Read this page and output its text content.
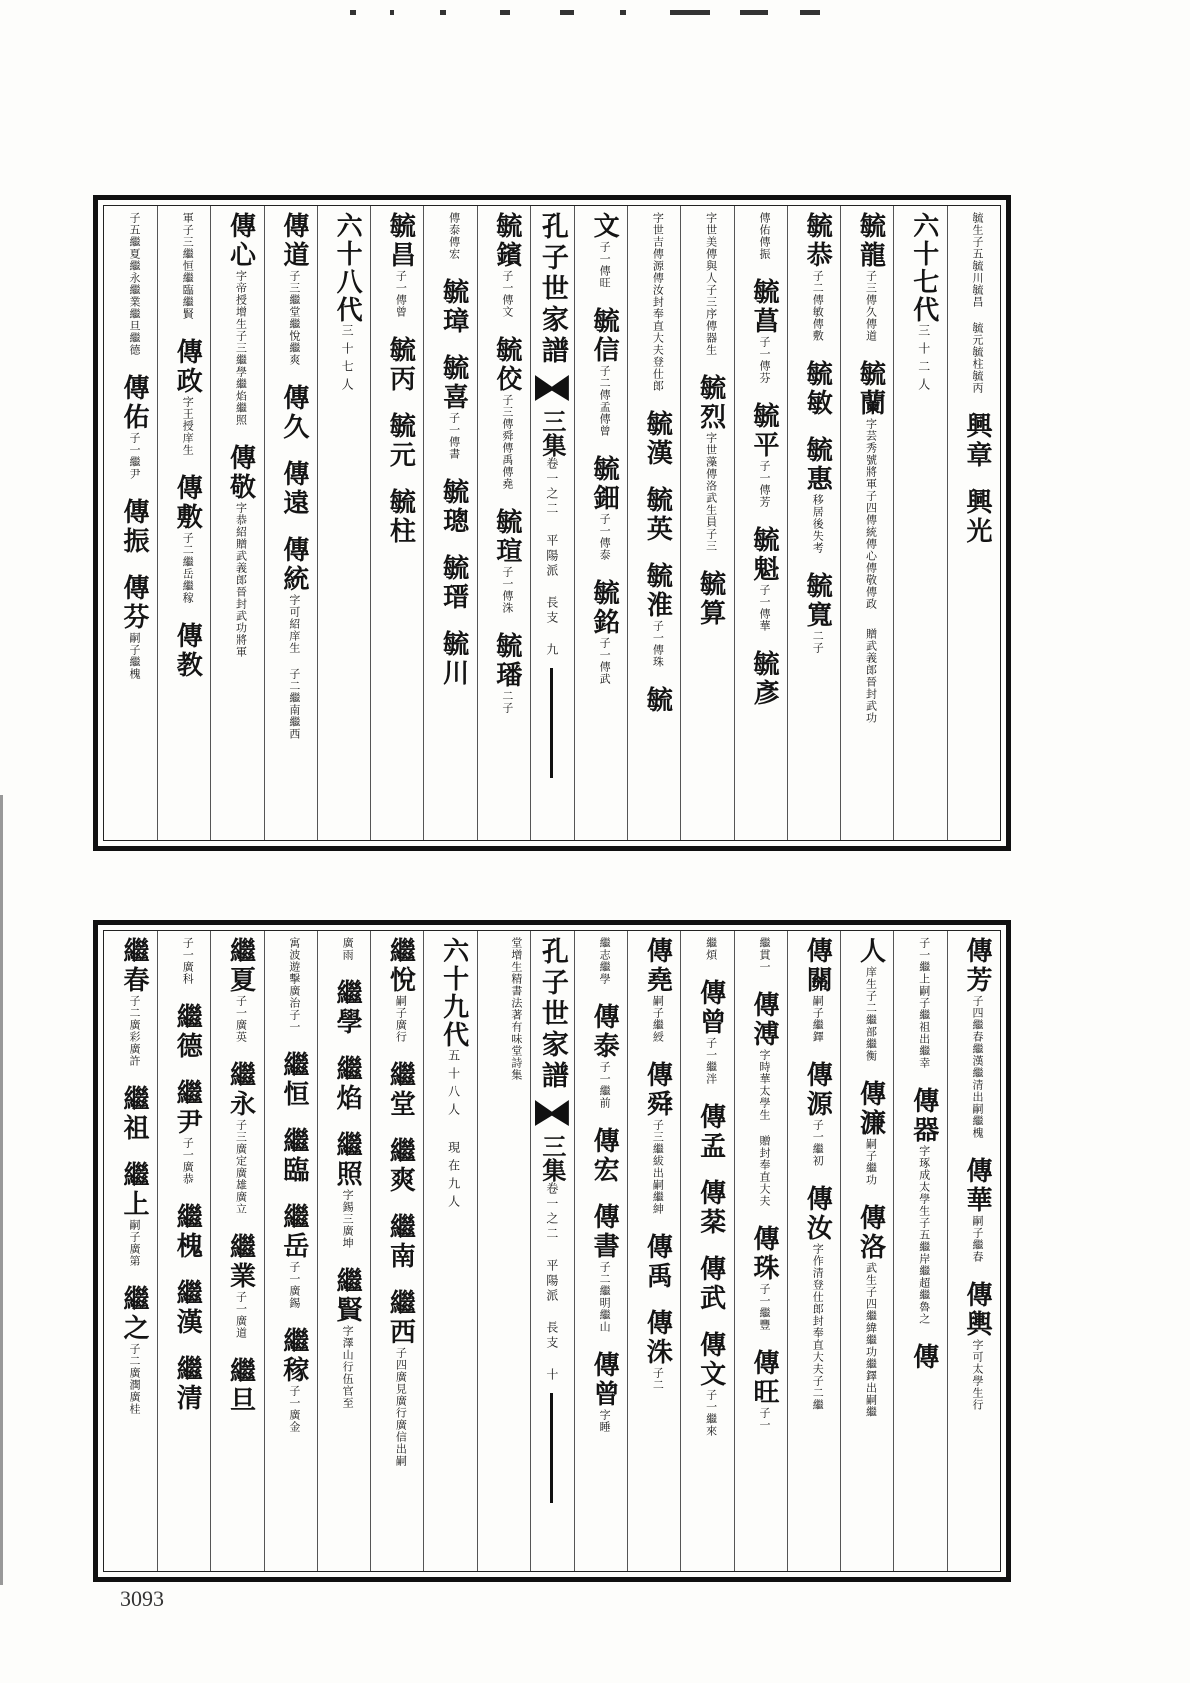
毓生子五毓川毓昌 毓元毓柱毓丙興章興光
六十七代三十二人
毓龍子三傳久傳道毓蘭字芸秀號將軍子四傳統傳心傳敬傳政贈武義郎晉封武功
毓恭子二傳敏傳敷毓敏毓惠移居後失考毓寬二子
傳佑傳振毓菖子一傳芬毓平子一傳芳毓魁子一傳華毓彥
字世美傳與人子三序傳器生毓烈字世藻傳洛武生員子三毓算
字世吉傳源傳汝封奉直大夫登仕郎毓漢毓英毓淮子一傳珠毓
文子一傳旺毓信子二傳孟傳曾毓鈿子一傳泰毓銘子一傳武
孔子世家譜三集卷一之二 平陽派 長支 九
毓鑌子一傳文毓佼子三傳舜傳禹傳堯毓瑄子一傳洙毓璠二子
傳泰傳宏毓璋毓喜子一傳書毓璁毓瑨毓川
毓昌子一傳曾毓丙毓元毓柱
六十八代三十七人
傳道子三繼堂繼悅繼爽傳久傳遠傳統字可紹庠生 子二繼南繼西
傳心字帝授增生子三繼學繼焰繼照傳敬字恭紹贈武義郎晉封武功將軍
軍子三繼恒繼臨繼賢傳政字王授庠生傳敷子二繼岳繼稼傳教
子五繼夏繼永繼業繼旦繼德傳佑子一繼尹傳振傳芬嗣子繼槐
傳芳子四繼春繼漢繼清出嗣繼槐傳華嗣子繼春傳輿字可太學生行
子一繼上嗣子繼祖出繼幸傳器字琢成太學生子五繼岸繼超繼魯之傳
人庠生子二繼部繼衡傳濂嗣子繼功傳洛武生子四繼緯繼功繼鐸出嗣繼
傳關嗣子繼鐸傳源子一繼初傳汝字作清登仕郎封奉直大夫子二繼
繼貫一傳溥字時華太學生 贈封奉直大夫傳珠子一繼豐傳旺子一
繼煩傳曾子一繼泮傳孟傳棻傳武傳文子一繼來
傳堯嗣子繼綬傳舜子三繼紱出嗣繼紳傳禹傳洙子二
繼志繼學傳泰子一繼前傳宏傳書子二繼明繼山傳曾字睡
孔子世家譜三集卷一之二 平陽派 長支 十
堂增生精書法著有味堂詩集
六十九代五十八人 現在九人
繼悅嗣子廣行繼堂繼爽繼南繼西子四廣見廣行廣信出嗣
廣雨繼學繼焰繼照字錫三廣坤繼賢字澤山行伍官至
寓波遊擊廣治子一繼恒繼臨繼岳子一廣錫繼稼子一廣金
繼夏子一廣英繼永子三廣定廣雄廣立繼業子一廣道繼旦
子一廣科繼德繼尹子一廣恭繼槐繼漢繼清
繼春子二廣彩廣許繼祖繼上嗣子廣第繼之子二廣潤廣桂
3093
